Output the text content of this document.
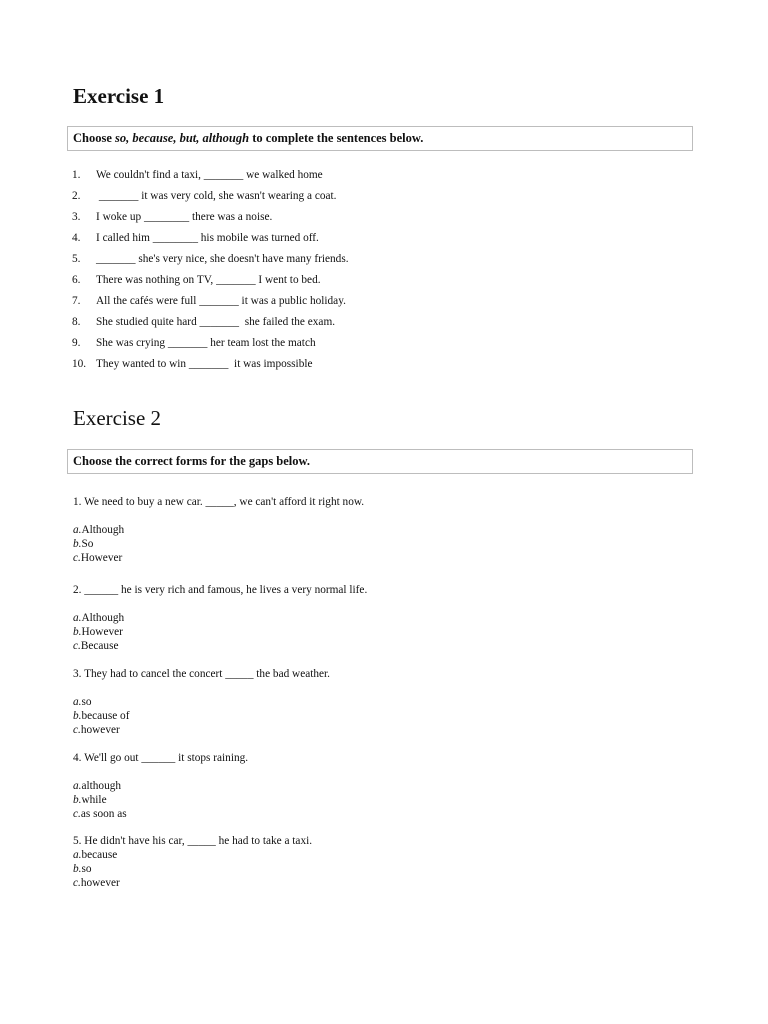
Exercise 1
Choose
so, because, but, although
to complete the sentences below.
1.	We couldn't find a taxi, _______ we walked home
2.	_______ it was very cold, she wasn't wearing a coat.
3.	I woke up ________ there was a noise.
4.	I called him ________ his mobile was turned off.
5.	_______ she's very nice, she doesn't have many friends.
6.	There was nothing on TV, _______ I went to bed.
7.	All the cafés were full _______ it was a public holiday.
8.	She studied quite hard _______  she failed the exam.
9.	She was crying _______ her team lost the match
10. They wanted to win _______  it was impossible
Exercise 2
Choose the correct forms for the gaps below.

1. We need to buy a new car. _____, we can't afford it right now.

a.Although
b.So
c.However

2. ______ he is very rich and famous, he lives a very normal life.

a.Although
b.However
c.Because

3. They had to cancel the concert _____ the bad weather.

a.so
b.because of
c.however

4. We'll go out ______ it stops raining.

a.although
b.while
c.as soon as

5. He didn't have his car, _____ he had to take a taxi.

a.because
b.so
c.however
